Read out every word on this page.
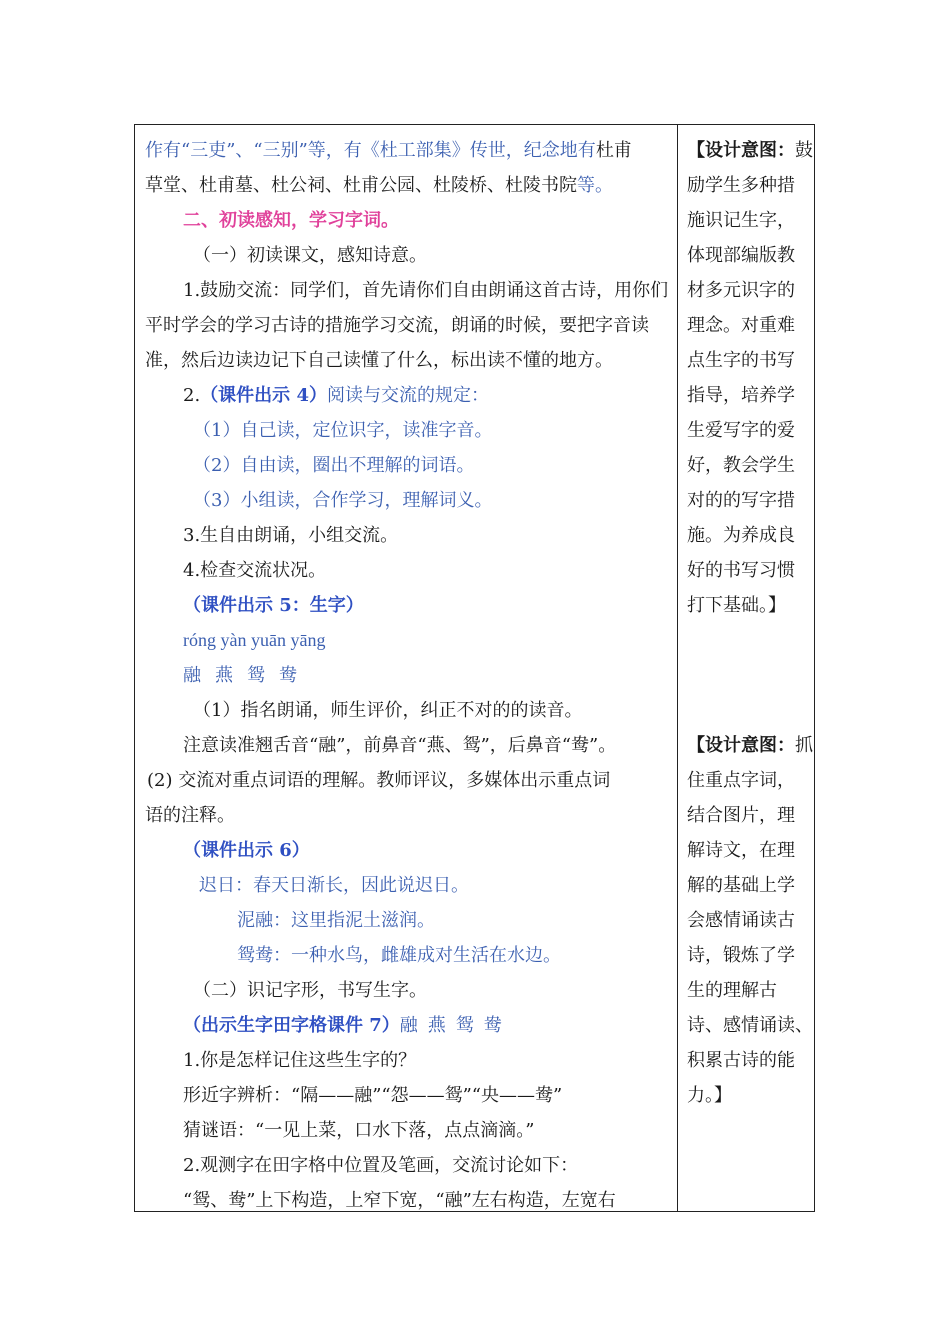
作有“三吏”、“三别”等，有《杜工部集》传世，纪念地有杜甫
草堂、杜甫墓、杜公祠、杜甫公园、杜陵桥、杜陵书院等。
二、初读感知，学习字词。
（一）初读课文，感知诗意。
1.鼓励交流：同学们，首先请你们自由朗诵这首古诗，用你们
平时学会的学习古诗的措施学习交流，朗诵的时候，要把字音读
准，然后边读边记下自己读懂了什么，标出读不懂的地方。
2.（课件出示 4）阅读与交流的规定：
（1）自己读，定位识字，读准字音。
（2）自由读，圈出不理解的词语。
（3）小组读，合作学习，理解词义。
3.生自由朗诵，小组交流。
4.检查交流状况。
（课件出示 5：生字）
róng yàn yuān yāng
融 燕 鸳 鸯
（1）指名朗诵，师生评价，纠正不对的的读音。
注意读准翘舌音“融”，前鼻音“燕、鸳”，后鼻音“鸯”。
(2) 交流对重点词语的理解。教师评议，多媒体出示重点词
语的注释。
（课件出示 6）
迟日：春天日渐长，因此说迟日。
泥融：这里指泥土滋润。
鸳鸯：一种水鸟，雌雄成对生活在水边。
（二）识记字形，书写生字。
（出示生字田字格课件 7）融 燕 鸳 鸯
1.你是怎样记住这些生字的？
形近字辨析：“隔——融”“怨——鸳”“央——鸯”
猜谜语：“一见上菜，口水下落，点点滴滴。”
2.观测字在田字格中位置及笔画，交流讨论如下：
“鸳、鸯”上下构造，上窄下宽，“融”左右构造，左宽右
【设计意图：鼓
励学生多种措
施识记生字，
体现部编版教
材多元识字的
理念。对重难
点生字的书写
指导，培养学
生爱写字的爱
好，教会学生
对的的写字措
施。为养成良
好的书写习惯
打下基础。】
【设计意图：抓
住重点字词，
结合图片，理
解诗文，在理
解的基础上学
会感情诵读古
诗，锻炼了学
生的理解古
诗、感情诵读、
积累古诗的能
力。】
